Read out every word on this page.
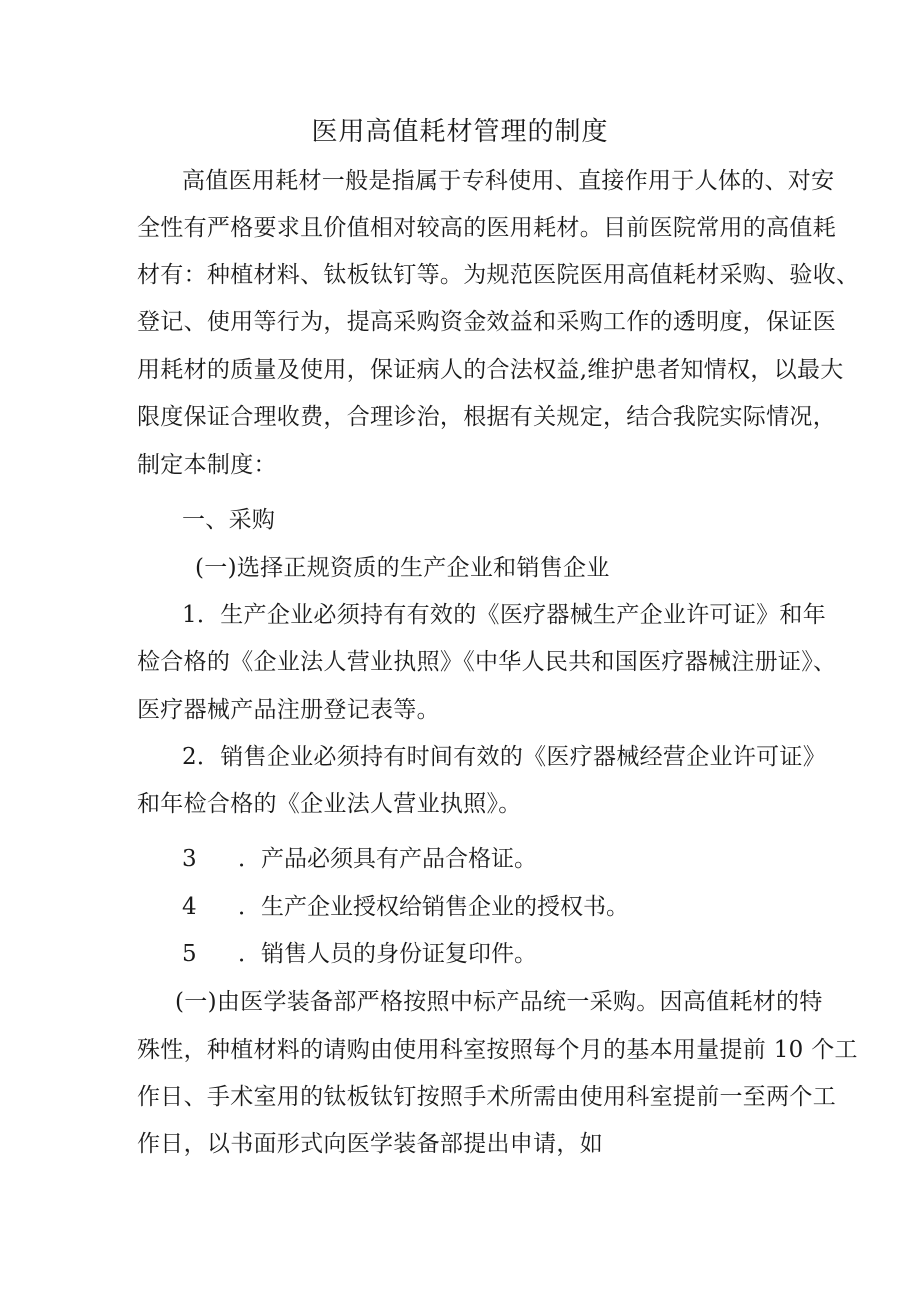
医用高值耗材管理的制度
高值医用耗材一般是指属于专科使用、直接作用于人体的、对安
全性有严格要求且价值相对较高的医用耗材。目前医院常用的高值耗
材有：种植材料、钛板钛钉等。为规范医院医用高值耗材采购、验收、
登记、使用等行为，提高采购资金效益和采购工作的透明度，保证医
用耗材的质量及使用，保证病人的合法权益,维护患者知情权，以最大
限度保证合理收费，合理诊治，根据有关规定，结合我院实际情况，
制定本制度：
一、采购
(一)选择正规资质的生产企业和销售企业
1．生产企业必须持有有效的《医疗器械生产企业许可证》和年
检合格的《企业法人营业执照》《中华人民共和国医疗器械注册证》、
医疗器械产品注册登记表等。
2．销售企业必须持有时间有效的《医疗器械经营企业许可证》
和年检合格的《企业法人营业执照》。
3 ．产品必须具有产品合格证。
4 ．生产企业授权给销售企业的授权书。
5 ．销售人员的身份证复印件。
(一)由医学装备部严格按照中标产品统一采购。因高值耗材的特
殊性，种植材料的请购由使用科室按照每个月的基本用量提前 10 个工
作日、手术室用的钛板钛钉按照手术所需由使用科室提前一至两个工
作日，以书面形式向医学装备部提出申请，如
